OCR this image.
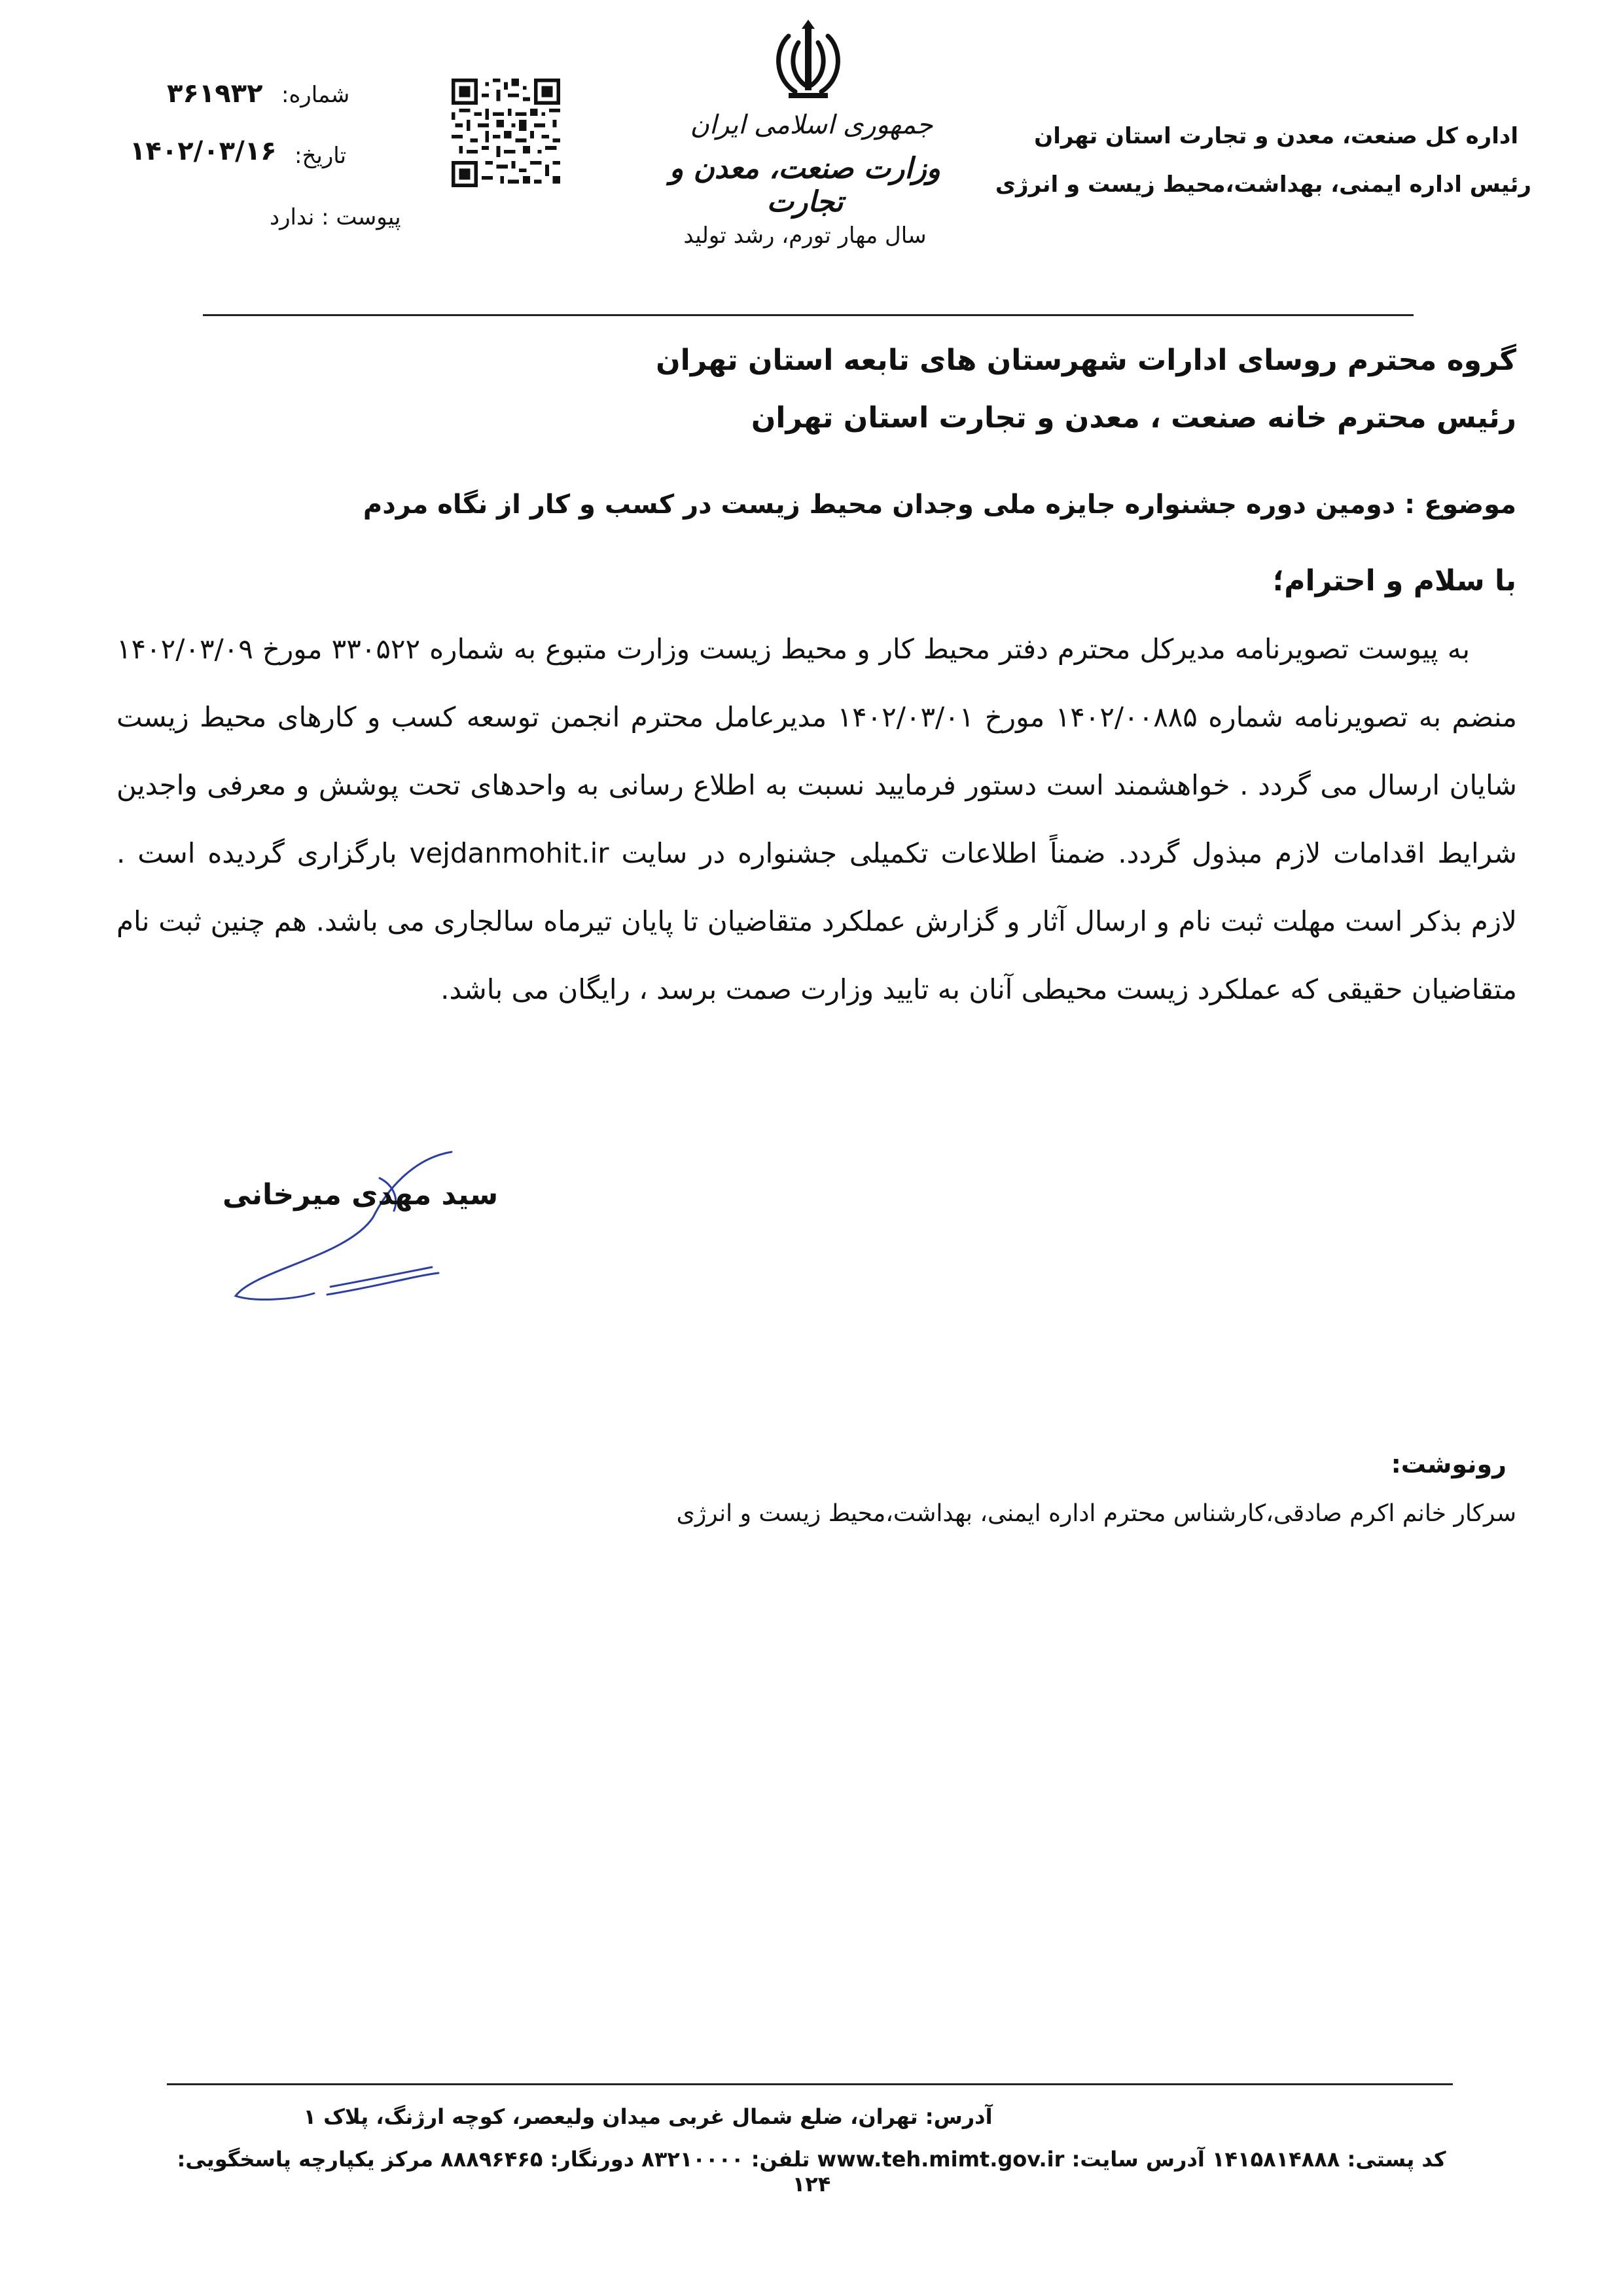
جمهوری اسلامی ایران
وزارت صنعت، معدن و تجارت
سال مهار تورم، رشد تولید
اداره کل صنعت، معدن و تجارت استان تهران
رئیس اداره ایمنی، بهداشت،محیط زیست و انرژی
شماره:
۳۶۱۹۳۲
تاریخ:
۱۴۰۲/۰۳/۱۶
پیوست : ندارد
گروه محترم روسای ادارات شهرستان های تابعه استان تهران
رئیس محترم خانه صنعت ، معدن و تجارت استان تهران
موضوع : دومین دوره جشنواره جایزه ملی وجدان محیط زیست در کسب و کار از نگاه مردم
با سلام و احترام؛
به پیوست تصویرنامه مدیرکل محترم دفتر محیط کار و محیط زیست وزارت متبوع به شماره ۳۳۰۵۲۲ مورخ ۱۴۰۲/۰۳/۰۹ منضم به تصویرنامه شماره ۱۴۰۲/۰۰۸۸۵ مورخ ۱۴۰۲/۰۳/۰۱ مدیرعامل محترم انجمن توسعه کسب و کارهای محیط زیست شایان ارسال می گردد . خواهشمند است دستور فرمایید نسبت به اطلاع رسانی به واحدهای تحت پوشش و معرفی واجدین شرایط اقدامات لازم مبذول گردد. ضمناً اطلاعات تکمیلی جشنواره در سایت vejdanmohit.ir بارگزاری گردیده است . لازم بذکر است مهلت ثبت نام و ارسال آثار و گزارش عملکرد متقاضیان تا پایان تیرماه سالجاری می باشد. هم چنین ثبت نام متقاضیان حقیقی که عملکرد زیست محیطی آنان به تایید وزارت صمت برسد ، رایگان می باشد.
سید مهدی میرخانی
رونوشت:
سرکار خانم اکرم صادقی،کارشناس محترم اداره ایمنی، بهداشت،محیط زیست و انرژی
آدرس: تهران، ضلع شمال غربی میدان ولیعصر، کوچه ارژنگ، پلاک ۱
کد پستی: ۱۴۱۵۸۱۴۸۸۸ آدرس سایت: www.teh.mimt.gov.ir تلفن: ۸۳۲۱۰۰۰۰ دورنگار: ۸۸۸۹۶۴۶۵ مرکز یکپارچه پاسخگویی: ۱۲۴
